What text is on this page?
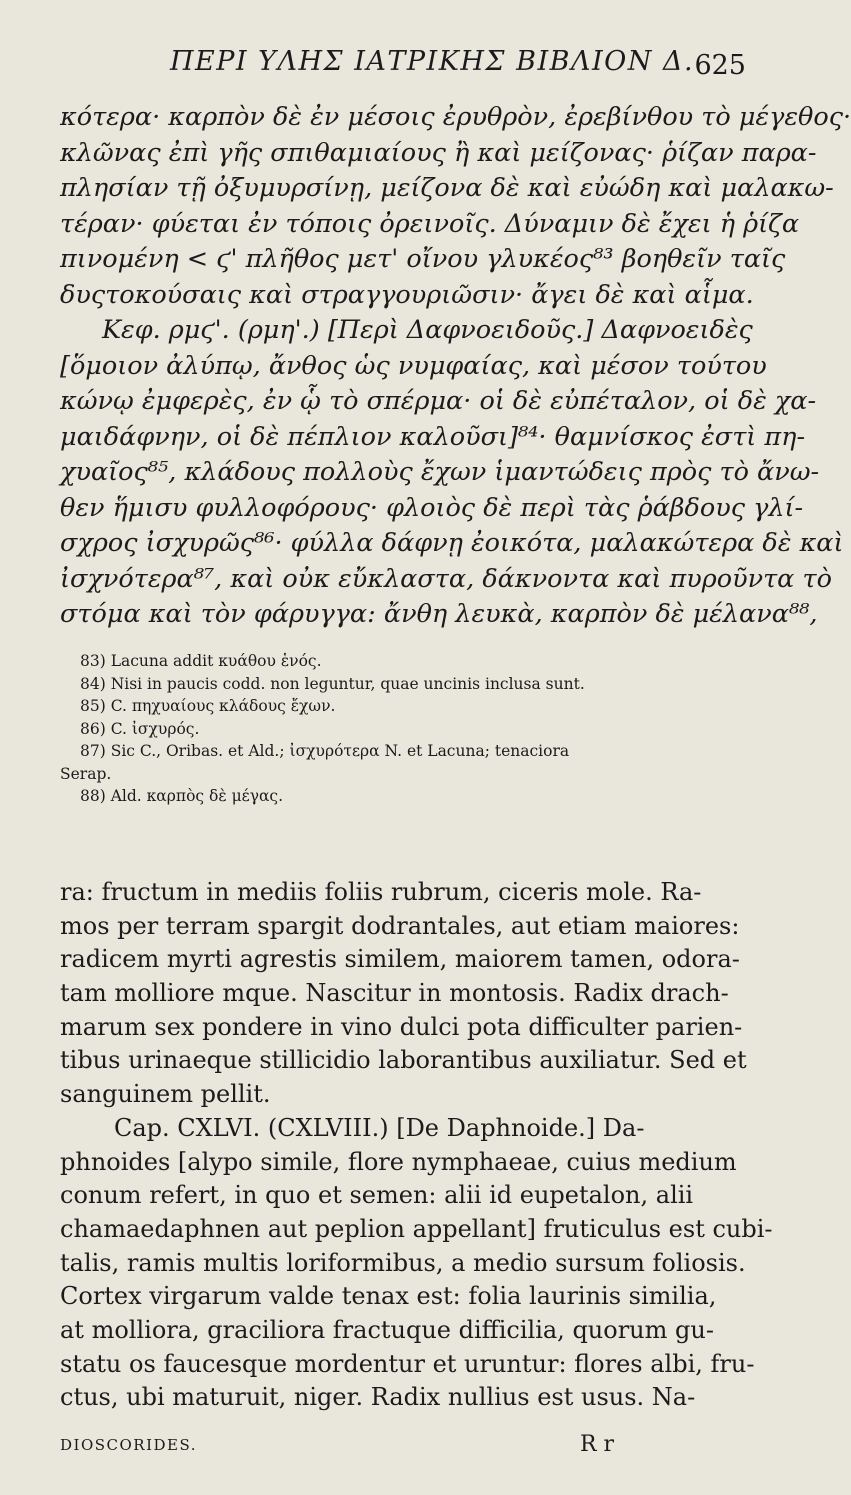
ΠΕΡΙ ΥΛΗΣ ΙΑΤΡΙΚΗΣ ΒΙΒΛΙΟΝ Δ. 625
κότερα· καρπὸν δὲ ἐν μέσοις ἐρυθρὸν, ἐρεβίνθου τὸ μέγεθος·
κλῶνας ἐπὶ γῆς σπιθαμιαίους ἢ καὶ μείζονας· ῥίζαν παρα-
πλησίαν τῇ ὀξυμυρσίνῃ, μείζονα δὲ καὶ εὐώδη καὶ μαλακω-
τέραν· φύεται ἐν τόποις ὀρεινοῖς. Δύναμιν δὲ ἔχει ἡ ῥίζα
πινομένη < ϛ' πλῆθος μετ' οἴνου γλυκέος⁸³ βοηθεῖν ταῖς
δυςτοκούσαις καὶ στραγγουριῶσιν· ἄγει δὲ καὶ αἷμα.
Κεφ. ρμϛ'. (ρμη'.) [Περὶ Δαφνοειδοῦς.] Δαφνοειδὲς
[ὅμοιον ἀλύπῳ, ἄνθος ὡς νυμφαίας, καὶ μέσον τούτου
κώνῳ ἐμφερὲς, ἐν ᾧ τὸ σπέρμα· οἱ δὲ εὐπέταλον, οἱ δὲ χα-
μαιδάφνην, οἱ δὲ πέπλιον καλοῦσι]⁸⁴· θαμνίσκος ἐστὶ πη-
χυαῖος⁸⁵, κλάδους πολλοὺς ἔχων ἱμαντώδεις πρὸς τὸ ἄνω-
θεν ἥμισυ φυλλοφόρους· φλοιὸς δὲ περὶ τὰς ῥάβδους γλί-
σχρος ἰσχυρῶς⁸⁶· φύλλα δάφνῃ ἐοικότα, μαλακώτερα δὲ καὶ
ἰσχνότερα⁸⁷, καὶ οὐκ εὔκλαστα, δάκνοντα καὶ πυροῦντα τὸ
στόμα καὶ τὸν φάρυγγα: ἄνθη λευκὰ, καρπὸν δὲ μέλανα⁸⁸,
83) Lacuna addit κυάθου ἑνός.
84) Nisi in paucis codd. non leguntur, quae uncinis inclusa sunt.
85) C. πηχυαίους κλάδους ἔχων.
86) C. ἰσχυρός.
87) Sic C., Oribas. et Ald.; ἰσχυρότερα N. et Lacuna; tenaciora
Serap.
88) Ald. καρπὸς δὲ μέγας.
ra: fructum in mediis foliis rubrum, ciceris mole. Ra-
mos per terram spargit dodrantales, aut etiam maiores:
radicem myrti agrestis similem, maiorem tamen, odora-
tam molliore mque. Nascitur in montosis. Radix drach-
marum sex pondere in vino dulci pota difficulter parien-
tibus urinaeque stillicidio laborantibus auxiliatur. Sed et
sanguinem pellit.
Cap. CXLVI. (CXLVIII.) [De Daphnoide.] Da-
phnoides [alypo simile, flore nymphaeae, cuius medium
conum refert, in quo et semen: alii id eupetalon, alii
chamaedaphnen aut peplion appellant] fruticulus est cubi-
talis, ramis multis loriformibus, a medio sursum foliosis.
Cortex virgarum valde tenax est: folia laurinis similia,
at molliora, graciliora fractuque difficilia, quorum gu-
statu os faucesque mordentur et uruntur: flores albi, fru-
ctus, ubi maturuit, niger. Radix nullius est usus. Na-
DIOSCORIDES.	R r
